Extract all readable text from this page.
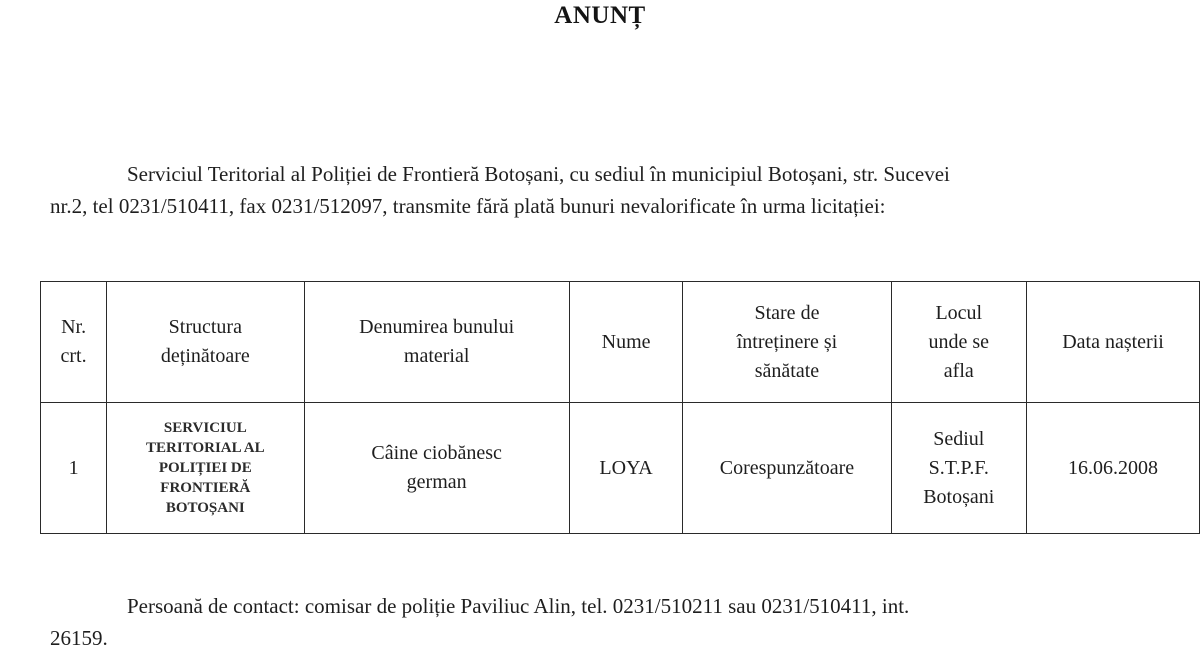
ANUNȚ
Serviciul Teritorial al Poliției de Frontieră Botoșani, cu sediul în municipiul Botoșani, str. Sucevei
nr.2, tel 0231/510411, fax 0231/512097, transmite fără plată bunuri nevalorificate în urma licitației:
Nr.
crt.	Structura
deținătoare	Denumirea bunului
material	Nume	Stare de
întreținere și
sănătate	Locul
unde se
afla	Data nașterii
1	SERVICIUL
TERITORIAL AL
POLIȚIEI DE
FRONTIERĂ
BOTOȘANI	Câine ciobănesc
german	LOYA	Corespunzătoare	Sediul
S.T.P.F.
Botoșani	16.06.2008
Persoană de contact: comisar de poliție Paviliuc Alin, tel. 0231/510211 sau 0231/510411, int.
26159.
